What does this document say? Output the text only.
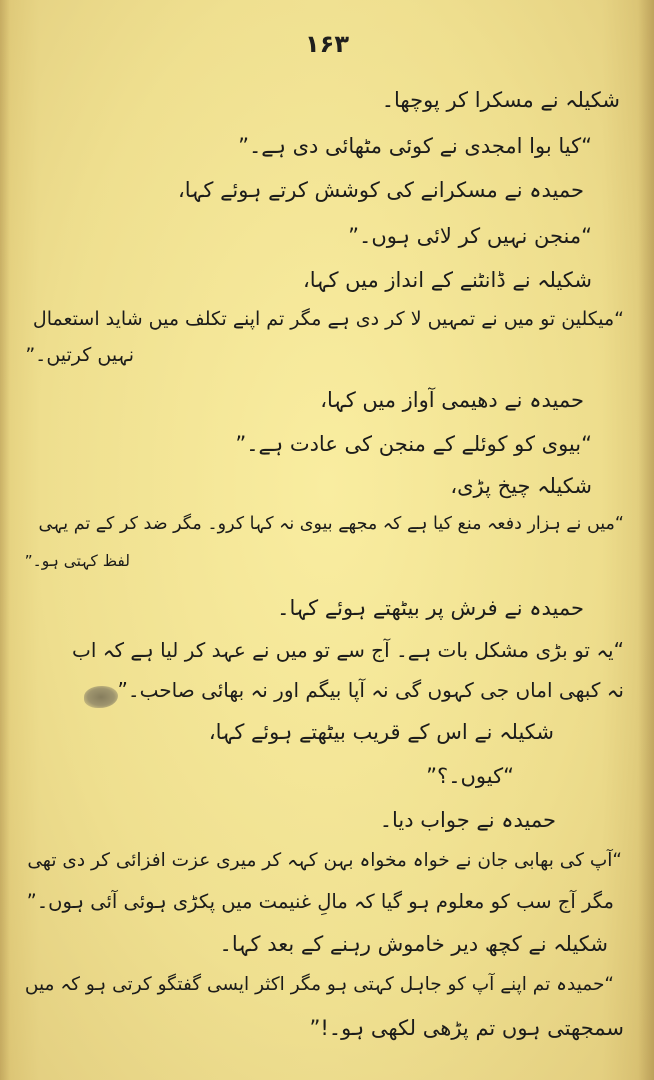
۱۶۳
شکیلہ نے مسکرا کر پوچھا۔
“کیا بوا امجدی نے کوئی مٹھائی دی ہے۔”
حمیدہ نے مسکرانے کی کوشش کرتے ہوئے کہا،
“منجن نہیں کر لائی ہوں۔”
شکیلہ نے ڈانٹنے کے انداز میں کہا،
“میکلین تو میں نے تمہیں لا کر دی ہے مگر تم اپنے تکلف میں شاید استعمال
نہیں کرتیں۔”
حمیدہ نے دھیمی آواز میں کہا،
“بیوی کو کوئلے کے منجن کی عادت ہے۔”
شکیلہ چیخ پڑی،
“میں نے ہزار دفعہ منع کیا ہے کہ مجھے بیوی نہ کہا کرو۔ مگر ضد کر کے تم یہی
لفظ کہتی ہو۔”
حمیدہ نے فرش پر بیٹھتے ہوئے کہا۔
“یہ تو بڑی مشکل بات ہے۔ آج سے تو میں نے عہد کر لیا ہے کہ اب
نہ کبھی اماں جی کہوں گی نہ آپا بیگم اور نہ بھائی صاحب۔”
شکیلہ نے اس کے قریب بیٹھتے ہوئے کہا،
“کیوں۔؟”
حمیدہ نے جواب دیا۔
“آپ کی بھابی جان نے خواہ مخواہ بہن کہہ کر میری عزت افزائی کر دی تھی
مگر آج سب کو معلوم ہو گیا کہ مالِ غنیمت میں پکڑی ہوئی آئی ہوں۔”
شکیلہ نے کچھ دیر خاموش رہنے کے بعد کہا۔
“حمیدہ تم اپنے آپ کو جاہل کہتی ہو مگر اکثر ایسی گفتگو کرتی ہو کہ میں
سمجھتی ہوں تم پڑھی لکھی ہو۔!”
